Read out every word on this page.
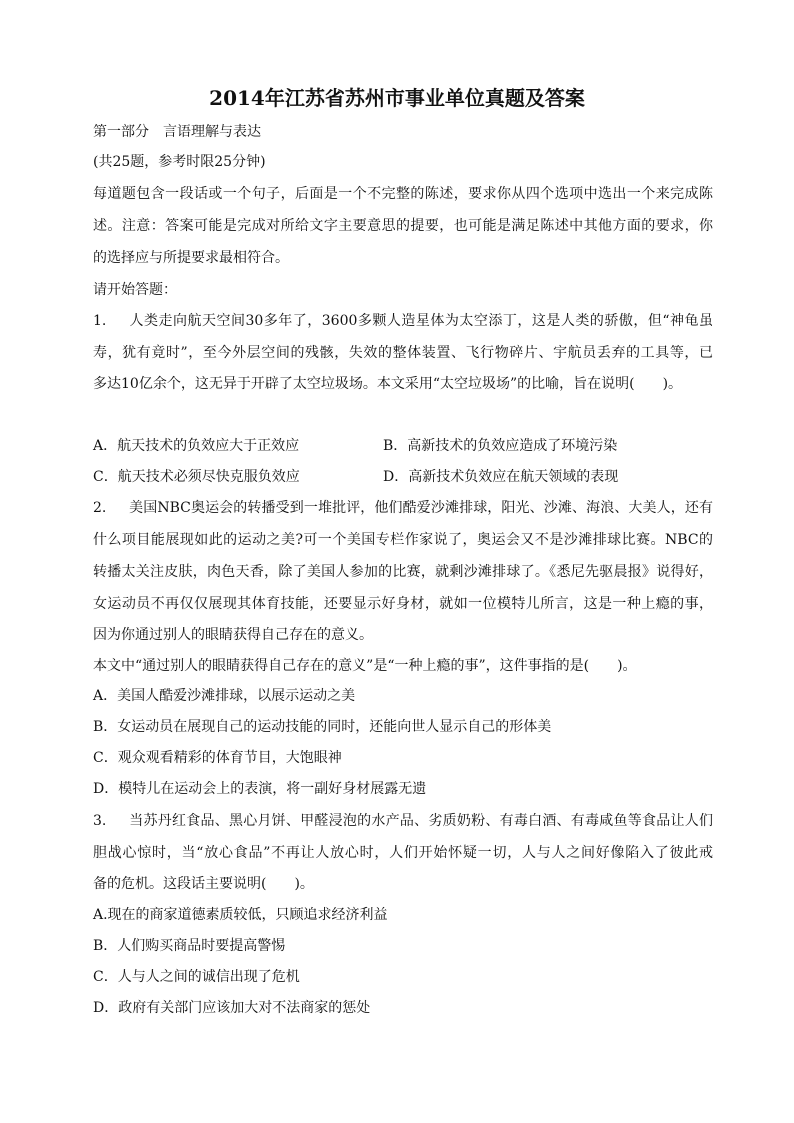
2014年江苏省苏州市事业单位真题及答案
第一部分　言语理解与表达
(共25题，参考时限25分钟)
每道题包含一段话或一个句子，后面是一个不完整的陈述，要求你从四个选项中选出一个来完成陈
述。注意：答案可能是完成对所给文字主要意思的提要，也可能是满足陈述中其他方面的要求，你
的选择应与所提要求最相符合。
请开始答题：
1. 人类走向航天空间30多年了，3600多颗人造星体为太空添丁，这是人类的骄傲，但“神龟虽
寿，犹有竟时”，至今外层空间的残骸，失效的整体装置、飞行物碎片、宇航员丢弃的工具等，已
多达10亿余个，这无异于开辟了太空垃圾场。本文采用“太空垃圾场”的比喻，旨在说明(　　)。
A．航天技术的负效应大于正效应	B．高新技术的负效应造成了环境污染
C．航天技术必须尽快克服负效应	D．高新技术负效应在航天领域的表现
2. 美国NBC奥运会的转播受到一堆批评，他们酷爱沙滩排球，阳光、沙滩、海浪、大美人，还有
什么项目能展现如此的运动之美?可一个美国专栏作家说了，奥运会又不是沙滩排球比赛。NBC的
转播太关注皮肤，肉色天香，除了美国人参加的比赛，就剩沙滩排球了。《悉尼先驱晨报》说得好，
女运动员不再仅仅展现其体育技能，还要显示好身材，就如一位模特儿所言，这是一种上瘾的事，
因为你通过别人的眼睛获得自己存在的意义。
本文中“通过别人的眼睛获得自己存在的意义”是“一种上瘾的事”，这件事指的是(　　)。
A．美国人酷爱沙滩排球，以展示运动之美
B．女运动员在展现自己的运动技能的同时，还能向世人显示自己的形体美
C．观众观看精彩的体育节目，大饱眼神
D．模特儿在运动会上的表演，将一副好身材展露无遗
3. 当苏丹红食品、黑心月饼、甲醛浸泡的水产品、劣质奶粉、有毒白酒、有毒咸鱼等食品让人们
胆战心惊时，当“放心食品”不再让人放心时，人们开始怀疑一切，人与人之间好像陷入了彼此戒
备的危机。这段话主要说明(　　)。
A.现在的商家道德素质较低，只顾追求经济利益
B．人们购买商品时要提高警惕
C．人与人之间的诚信出现了危机
D．政府有关部门应该加大对不法商家的惩处
